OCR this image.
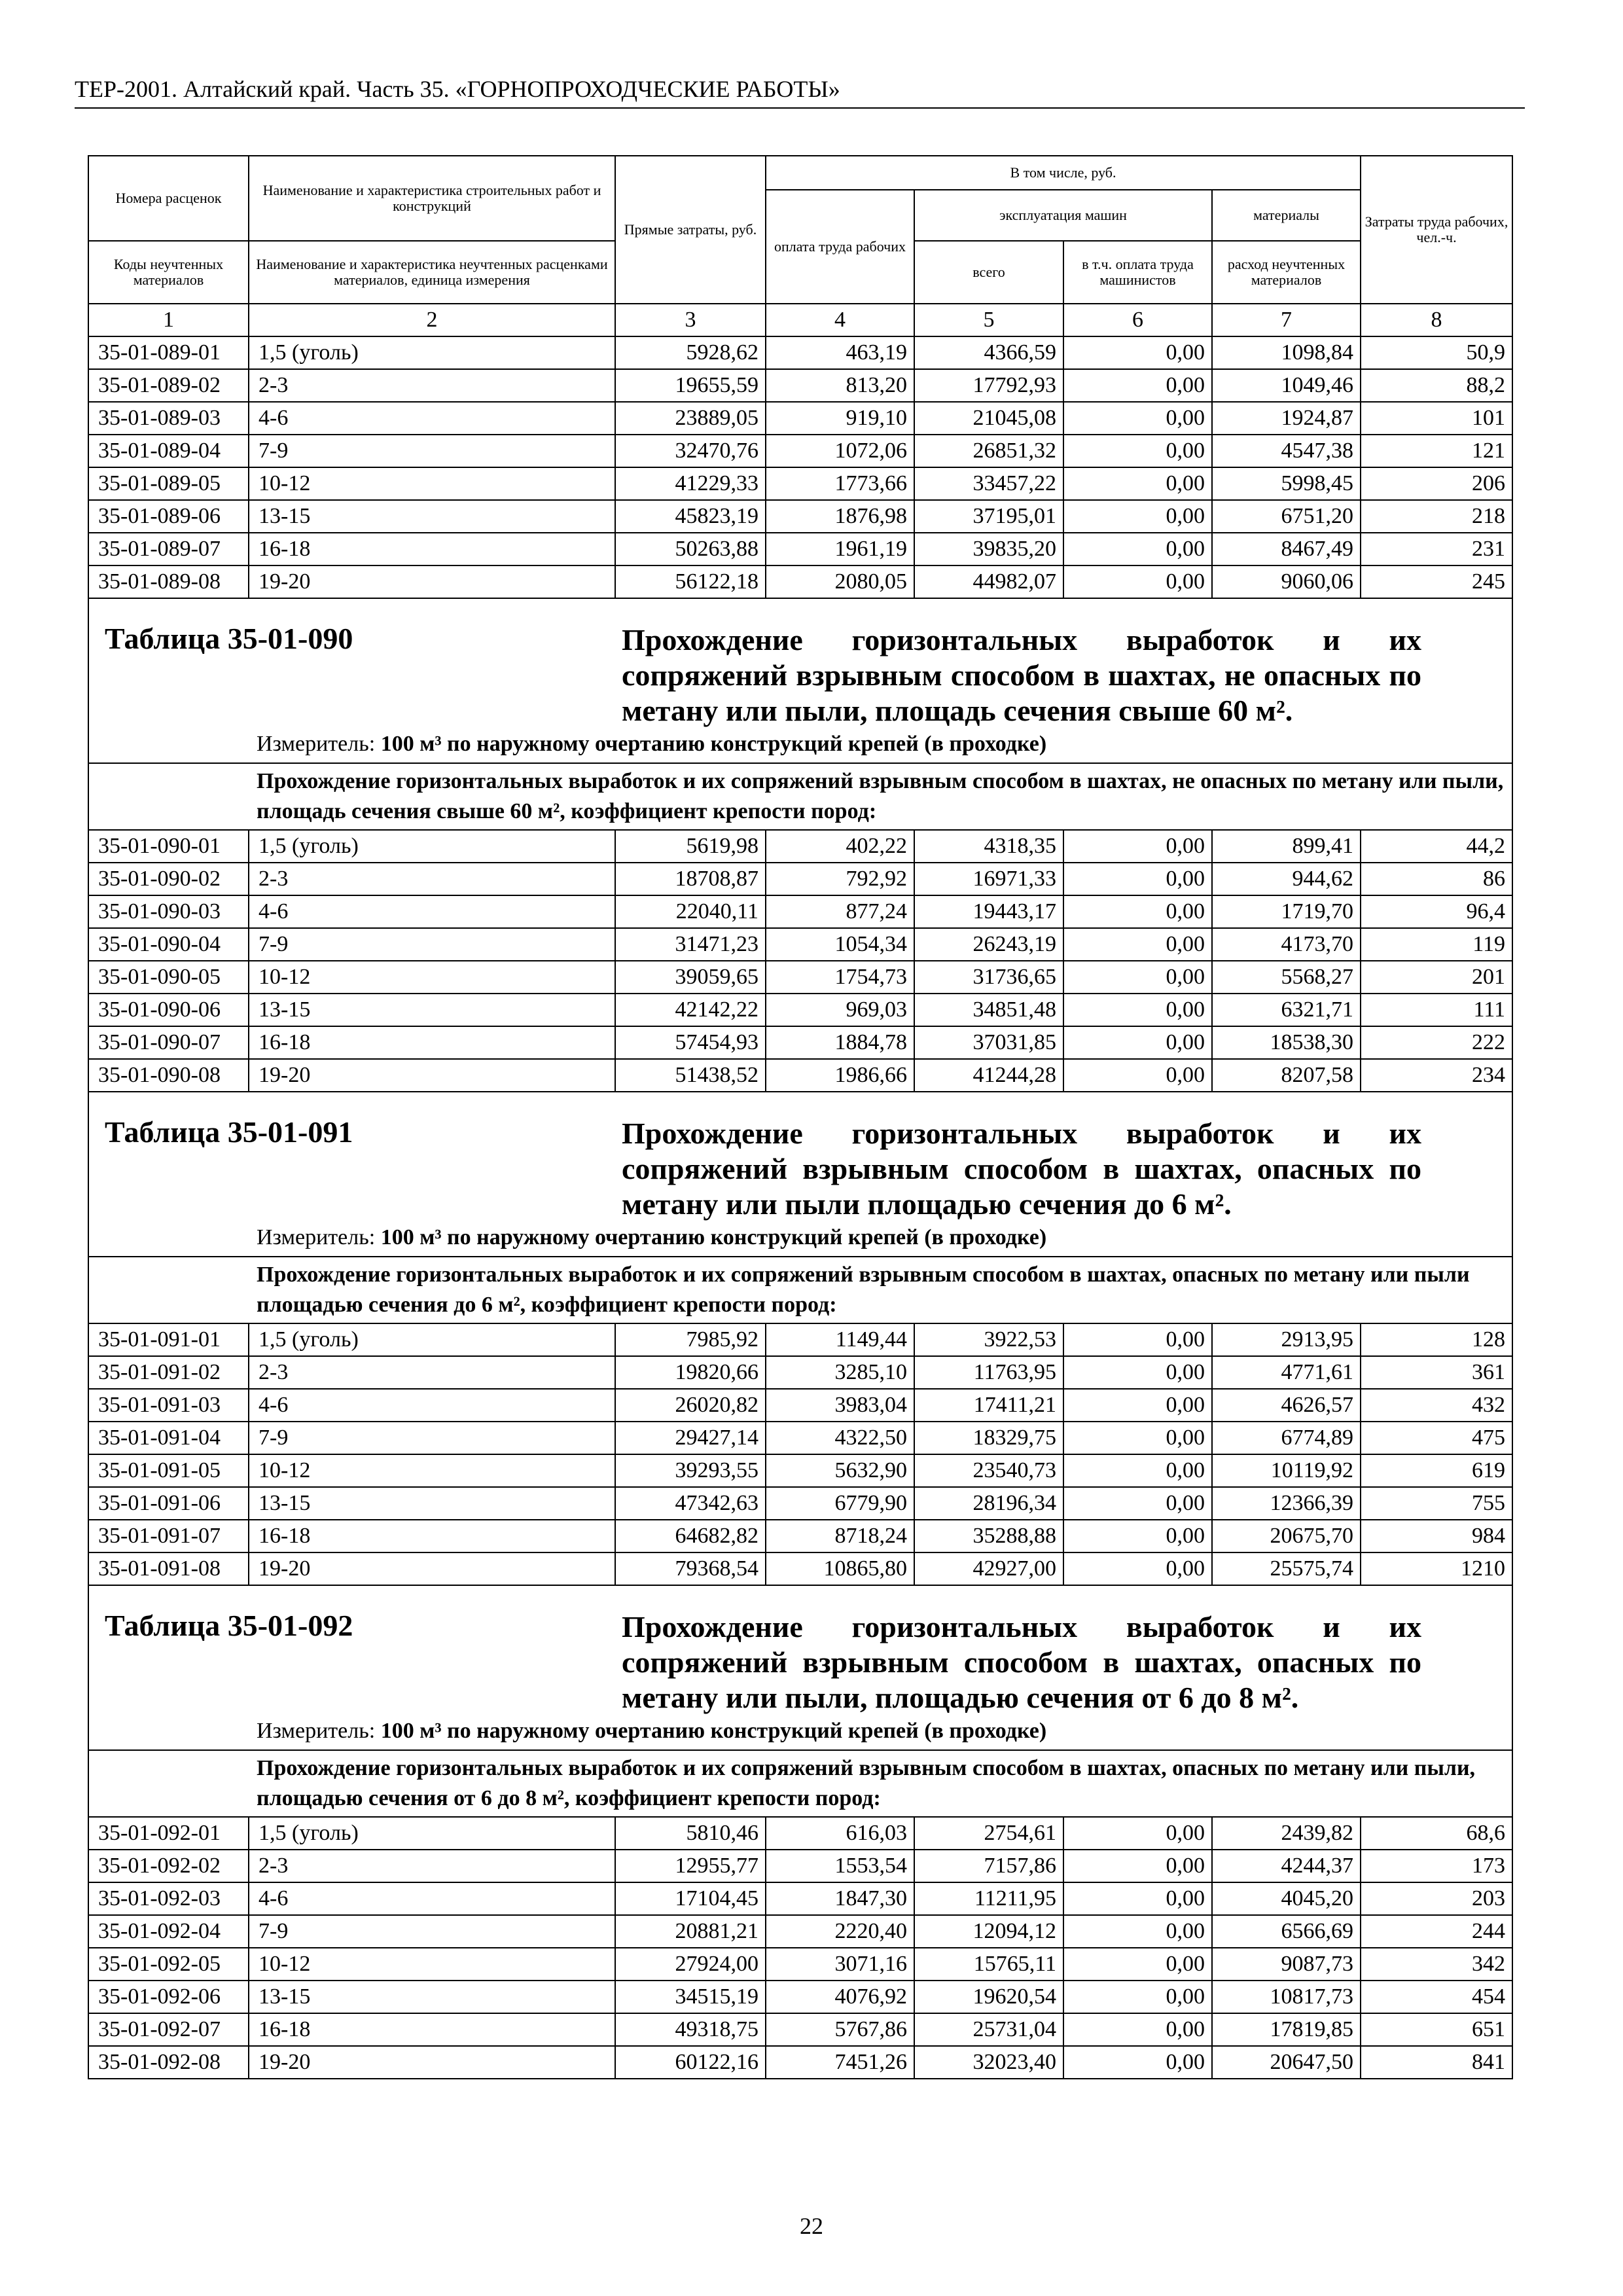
ТЕР-2001. Алтайский край. Часть 35. «ГОРНОПРОХОДЧЕСКИЕ РАБОТЫ»
Номера расценок	Наименование и характеристика строительных работ и конструкций	Прямые затраты, руб.	В том числе, руб.				Затраты труда рабочих, чел.-ч.
			оплата труда рабочих	эксплуатация машин		материалы	
Коды неучтенных материалов	Наименование и характеристика неучтенных расценками материалов, единица измерения			всего	в т.ч. оплата труда машинистов	расход неучтенных материалов	
1	2	3	4	5	6	7	8
35-01-089-01	1,5 (уголь)	5928,62	463,19	4366,59	0,00	1098,84	50,9
35-01-089-02	2-3	19655,59	813,20	17792,93	0,00	1049,46	88,2
35-01-089-03	4-6	23889,05	919,10	21045,08	0,00	1924,87	101
35-01-089-04	7-9	32470,76	1072,06	26851,32	0,00	4547,38	121
35-01-089-05	10-12	41229,33	1773,66	33457,22	0,00	5998,45	206
35-01-089-06	13-15	45823,19	1876,98	37195,01	0,00	6751,20	218
35-01-089-07	16-18	50263,88	1961,19	39835,20	0,00	8467,49	231
35-01-089-08	19-20	56122,18	2080,05	44982,07	0,00	9060,06	245

Таблица 35-01-090 Прохождение горизонтальных выработок и их сопряжений взрывным способом в шахтах, не опасных по метану или пыли, площадь сечения свыше 60 м².
Измеритель: 100 м³ по наружному очертанию конструкций крепей (в проходке)							

Прохождение горизонтальных выработок и их сопряжений взрывным способом в шахтах, не опасных по метану или пыли, площадь сечения свыше 60 м², коэффициент крепости пород:							
35-01-090-01	1,5 (уголь)	5619,98	402,22	4318,35	0,00	899,41	44,2
35-01-090-02	2-3	18708,87	792,92	16971,33	0,00	944,62	86
35-01-090-03	4-6	22040,11	877,24	19443,17	0,00	1719,70	96,4
35-01-090-04	7-9	31471,23	1054,34	26243,19	0,00	4173,70	119
35-01-090-05	10-12	39059,65	1754,73	31736,65	0,00	5568,27	201
35-01-090-06	13-15	42142,22	969,03	34851,48	0,00	6321,71	111
35-01-090-07	16-18	57454,93	1884,78	37031,85	0,00	18538,30	222
35-01-090-08	19-20	51438,52	1986,66	41244,28	0,00	8207,58	234

Таблица 35-01-091 Прохождение горизонтальных выработок и их сопряжений взрывным способом в шахтах, опасных по метану или пыли площадью сечения до 6 м².
Измеритель: 100 м³ по наружному очертанию конструкций крепей (в проходке)							

Прохождение горизонтальных выработок и их сопряжений взрывным способом в шахтах, опасных по метану или пыли площадью сечения до 6 м², коэффициент крепости пород:							
35-01-091-01	1,5 (уголь)	7985,92	1149,44	3922,53	0,00	2913,95	128
35-01-091-02	2-3	19820,66	3285,10	11763,95	0,00	4771,61	361
35-01-091-03	4-6	26020,82	3983,04	17411,21	0,00	4626,57	432
35-01-091-04	7-9	29427,14	4322,50	18329,75	0,00	6774,89	475
35-01-091-05	10-12	39293,55	5632,90	23540,73	0,00	10119,92	619
35-01-091-06	13-15	47342,63	6779,90	28196,34	0,00	12366,39	755
35-01-091-07	16-18	64682,82	8718,24	35288,88	0,00	20675,70	984
35-01-091-08	19-20	79368,54	10865,80	42927,00	0,00	25575,74	1210

Таблица 35-01-092 Прохождение горизонтальных выработок и их сопряжений взрывным способом в шахтах, опасных по метану или пыли, площадью сечения от 6 до 8 м².
Измеритель: 100 м³ по наружному очертанию конструкций крепей (в проходке)							

Прохождение горизонтальных выработок и их сопряжений взрывным способом в шахтах, опасных по метану или пыли, площадью сечения от 6 до 8 м², коэффициент крепости пород:							
35-01-092-01	1,5 (уголь)	5810,46	616,03	2754,61	0,00	2439,82	68,6
35-01-092-02	2-3	12955,77	1553,54	7157,86	0,00	4244,37	173
35-01-092-03	4-6	17104,45	1847,30	11211,95	0,00	4045,20	203
35-01-092-04	7-9	20881,21	2220,40	12094,12	0,00	6566,69	244
35-01-092-05	10-12	27924,00	3071,16	15765,11	0,00	9087,73	342
35-01-092-06	13-15	34515,19	4076,92	19620,54	0,00	10817,73	454
35-01-092-07	16-18	49318,75	5767,86	25731,04	0,00	17819,85	651
35-01-092-08	19-20	60122,16	7451,26	32023,40	0,00	20647,50	841
22
